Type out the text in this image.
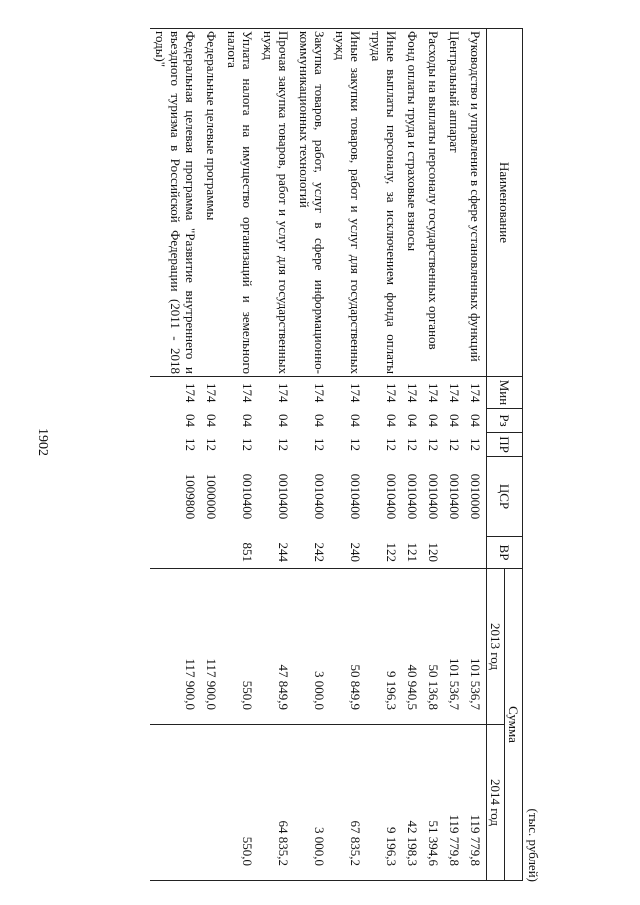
1902

(тыс. рублей)

Наименование	Мин	Рз	ПР	ЦСР	ВР	Сумма	
						2013 год	2014 год
Руководство и управление в сфере установленных функций	174	04	12	0010000		101 536,7	119 779,8
Центральный аппарат	174	04	12	0010400		101 536,7	119 779,8
Расходы на выплаты персоналу государственных органов	174	04	12	0010400	120	50 136,8	51 394,6
Фонд оплаты труда и страховые взносы	174	04	12	0010400	121	40 940,5	42 198,3
Иные выплаты персоналу, за исключением фонда оплаты труда	174	04	12	0010400	122	9 196,3	9 196,3
Иные закупки товаров, работ и услуг для государственных нужд	174	04	12	0010400	240	50 849,9	67 835,2
Закупка товаров, работ, услуг в сфере информационно-коммуникационных технологий	174	04	12	0010400	242	3 000,0	3 000,0
Прочая закупка товаров, работ и услуг для государственных нужд	174	04	12	0010400	244	47 849,9	64 835,2
Уплата налога на имущество организаций и земельного налога	174	04	12	0010400	851	550,0	550,0
Федеральные целевые программы	174	04	12	1000000		117 900,0	
Федеральная целевая программа "Развитие внутреннего и въездного туризма в Российской Федерации (2011 - 2018 годы)"	174	04	12	1009800		117 900,0	
